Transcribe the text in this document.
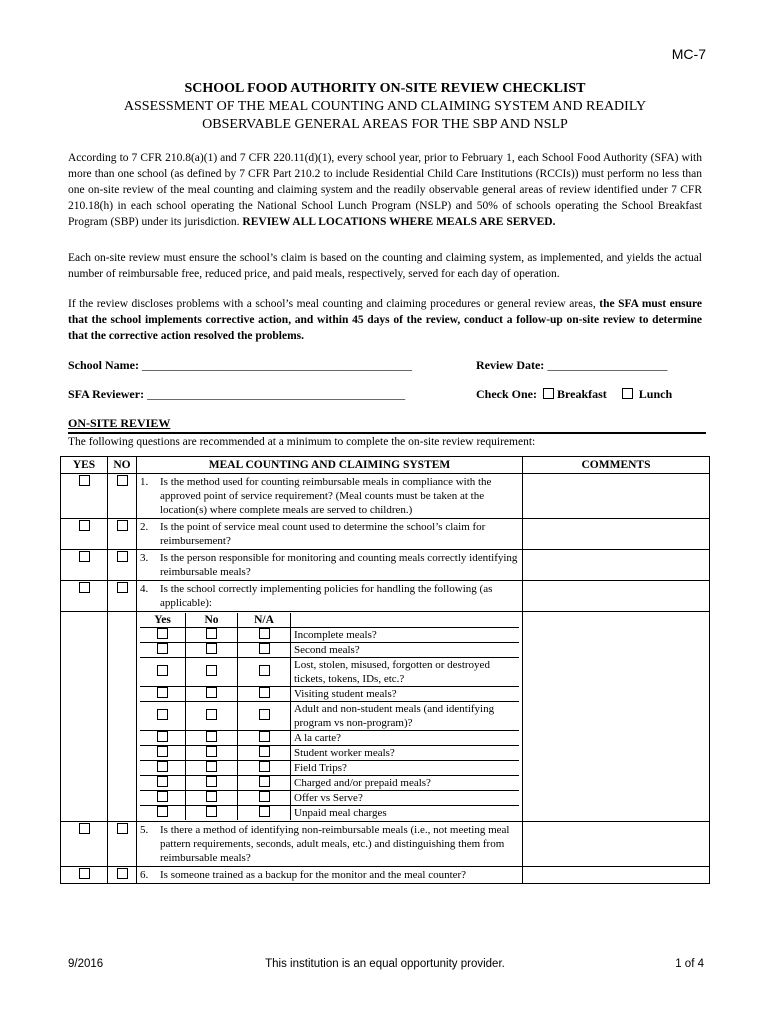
MC-7
SCHOOL FOOD AUTHORITY ON-SITE REVIEW CHECKLIST
ASSESSMENT OF THE MEAL COUNTING AND CLAIMING SYSTEM AND READILY
OBSERVABLE GENERAL AREAS FOR THE SBP AND NSLP
According to 7 CFR 210.8(a)(1) and 7 CFR 220.11(d)(1), every school year, prior to February 1, each School Food Authority (SFA) with more than one school (as defined by 7 CFR Part 210.2 to include Residential Child Care Institutions (RCCIs)) must perform no less than one on-site review of the meal counting and claiming system and the readily observable general areas of review identified under 7 CFR 210.18(h) in each school operating the National School Lunch Program (NSLP) and 50% of schools operating the School Breakfast Program (SBP) under its jurisdiction. REVIEW ALL LOCATIONS WHERE MEALS ARE SERVED.
Each on-site review must ensure the school’s claim is based on the counting and claiming system, as implemented, and yields the actual number of reimbursable free, reduced price, and paid meals, respectively, served for each day of operation.
If the review discloses problems with a school’s meal counting and claiming procedures or general review areas, the SFA must ensure that the school implements corrective action, and within 45 days of the review, conduct a follow-up on-site review to determine that the corrective action resolved the problems.
School Name: _____________________________________________	Review Date: ____________________
SFA Reviewer: ___________________________________________	Check One: Breakfast	Lunch
ON-SITE REVIEW
The following questions are recommended at a minimum to complete the on-site review requirement:
YES	NO	MEAL COUNTING AND CLAIMING SYSTEM	COMMENTS

1.	Is the method used for counting reimbursable meals in compliance with the approved point of service requirement? (Meal counts must be taken at the location(s) where complete meals are served to children.)

2.	Is the point of service meal count used to determine the school’s claim for reimbursement?

3.	Is the person responsible for monitoring and counting meals correctly identifying reimbursable meals?

4.	Is the school correctly implementing policies for handling the following (as applicable):

Yes	No	N/A	
			Incomplete meals?
			Second meals?
			Lost, stolen, misused, forgotten or destroyed tickets, tokens, IDs, etc.?
			Visiting student meals?
			Adult and non-student meals (and identifying program vs non-program)?
			A la carte?
			Student worker meals?
			Field Trips?
			Charged and/or prepaid meals?
			Offer vs Serve?
			Unpaid meal charges

5.	Is there a method of identifying non-reimbursable meals (i.e., not meeting meal pattern requirements, seconds, adult meals, etc.) and distinguishing them from reimbursable meals?

6.	Is someone trained as a backup for the monitor and the meal counter?

9/2016	This institution is an equal opportunity provider.	1 of 4
